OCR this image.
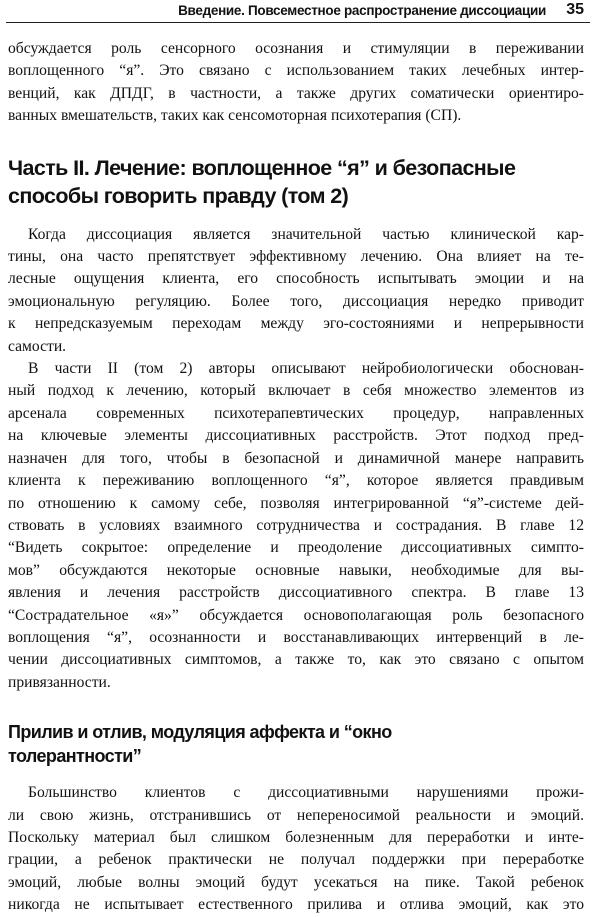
Введение. Повсеместное распространение диссоциации 35

обсуждается роль сенсорного осознания и стимуляции в переживании
воплощенного “я”. Это связано с использованием таких лечебных интер-
венций, как ДПДГ, в частности, а также других соматически ориентиро-
ванных вмешательств, таких как сенсомоторная психотерапия (СП).

Часть II. Лечение: воплощенное “я” и безопасные
способы говорить правду (том 2)

Когда диссоциация является значительной частью клинической кар-
тины, она часто препятствует эффективному лечению. Она влияет на те-
лесные ощущения клиента, его способность испытывать эмоции и на
эмоциональную регуляцию. Более того, диссоциация нередко приводит
к непредсказуемым переходам между эго-состояниями и непрерывности
самости.

В части II (том 2) авторы описывают нейробиологически обоснован-
ный подход к лечению, который включает в себя множество элементов из
арсенала современных психотерапевтических процедур, направленных
на ключевые элементы диссоциативных расстройств. Этот подход пред-
назначен для того, чтобы в безопасной и динамичной манере направить
клиента к переживанию воплощенного “я”, которое является правдивым
по отношению к самому себе, позволяя интегрированной “я”-системе дей-
ствовать в условиях взаимного сотрудничества и сострадания. В главе 12
“Видеть сокрытое: определение и преодоление диссоциативных симпто-
мов” обсуждаются некоторые основные навыки, необходимые для вы-
явления и лечения расстройств диссоциативного спектра. В главе 13
“Сострадательное «я»” обсуждается основополагающая роль безопасного
воплощения “я”, осознанности и восстанавливающих интервенций в ле-
чении диссоциативных симптомов, а также то, как это связано с опытом
привязанности.

Прилив и отлив, модуляция аффекта и “окно
толерантности”

Большинство клиентов с диссоциативными нарушениями прожи-
ли свою жизнь, отстранившись от непереносимой реальности и эмоций.
Поскольку материал был слишком болезненным для переработки и инте-
грации, а ребенок практически не получал поддержки при переработке
эмоций, любые волны эмоций будут усекаться на пике. Такой ребенок
никогда не испытывает естественного прилива и отлива эмоций, как это
